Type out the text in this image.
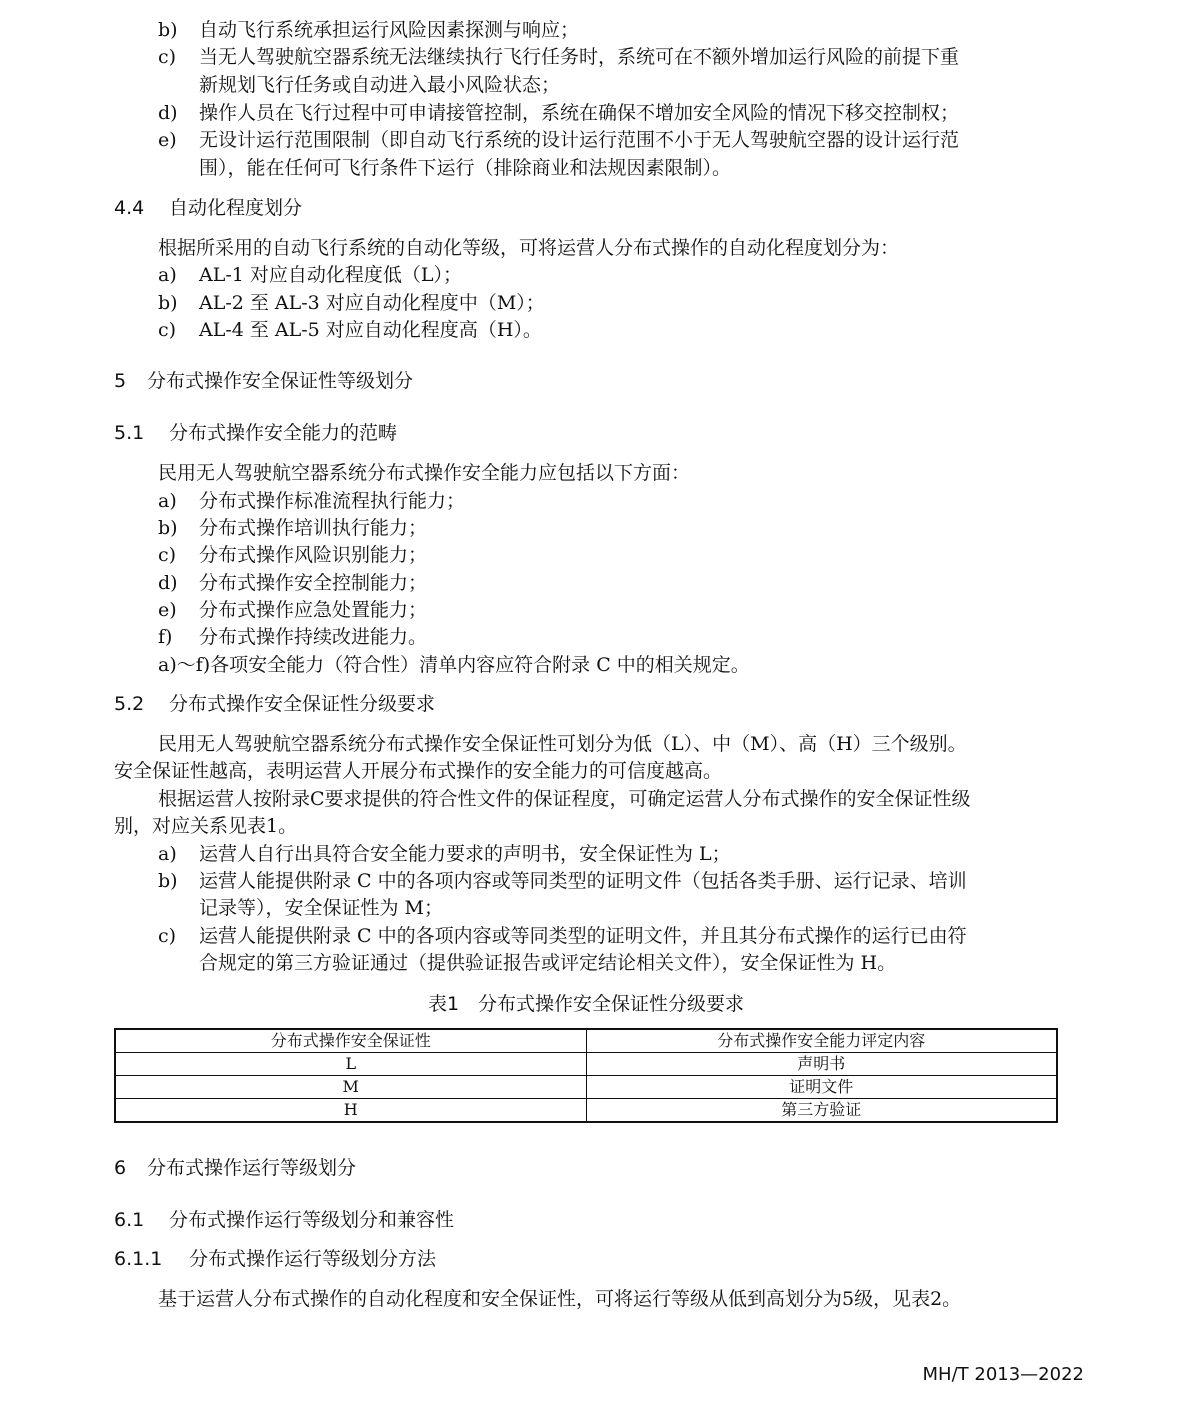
b) 自动飞行系统承担运行风险因素探测与响应；
c) 当无人驾驶航空器系统无法继续执行飞行任务时，系统可在不额外增加运行风险的前提下重
新规划飞行任务或自动进入最小风险状态；
d) 操作人员在飞行过程中可申请接管控制，系统在确保不增加安全风险的情况下移交控制权；
e) 无设计运行范围限制（即自动飞行系统的设计运行范围不小于无人驾驶航空器的设计运行范
围），能在任何可飞行条件下运行（排除商业和法规因素限制）。
4.4 自动化程度划分
根据所采用的自动飞行系统的自动化等级，可将运营人分布式操作的自动化程度划分为：
a) AL-1 对应自动化程度低（L）；
b) AL-2 至 AL-3 对应自动化程度中（M）；
c) AL-4 至 AL-5 对应自动化程度高（H）。
5 分布式操作安全保证性等级划分
5.1 分布式操作安全能力的范畴
民用无人驾驶航空器系统分布式操作安全能力应包括以下方面：
a) 分布式操作标准流程执行能力；
b) 分布式操作培训执行能力；
c) 分布式操作风险识别能力；
d) 分布式操作安全控制能力；
e) 分布式操作应急处置能力；
f) 分布式操作持续改进能力。
a)～f)各项安全能力（符合性）清单内容应符合附录 C 中的相关规定。
5.2 分布式操作安全保证性分级要求
民用无人驾驶航空器系统分布式操作安全保证性可划分为低（L）、中（M）、高（H）三个级别。
安全保证性越高，表明运营人开展分布式操作的安全能力的可信度越高。
根据运营人按附录C要求提供的符合性文件的保证程度，可确定运营人分布式操作的安全保证性级
别，对应关系见表1。
a) 运营人自行出具符合安全能力要求的声明书，安全保证性为 L；
b) 运营人能提供附录 C 中的各项内容或等同类型的证明文件（包括各类手册、运行记录、培训
记录等），安全保证性为 M；
c) 运营人能提供附录 C 中的各项内容或等同类型的证明文件，并且其分布式操作的运行已由符
合规定的第三方验证通过（提供验证报告或评定结论相关文件），安全保证性为 H。
表1　分布式操作安全保证性分级要求
分布式操作安全保证性	分布式操作安全能力评定内容
L	声明书
M	证明文件
H	第三方验证
6 分布式操作运行等级划分
6.1 分布式操作运行等级划分和兼容性
6.1.1 分布式操作运行等级划分方法
基于运营人分布式操作的自动化程度和安全保证性，可将运行等级从低到高划分为5级，见表2。
MH/T 2013—2022
